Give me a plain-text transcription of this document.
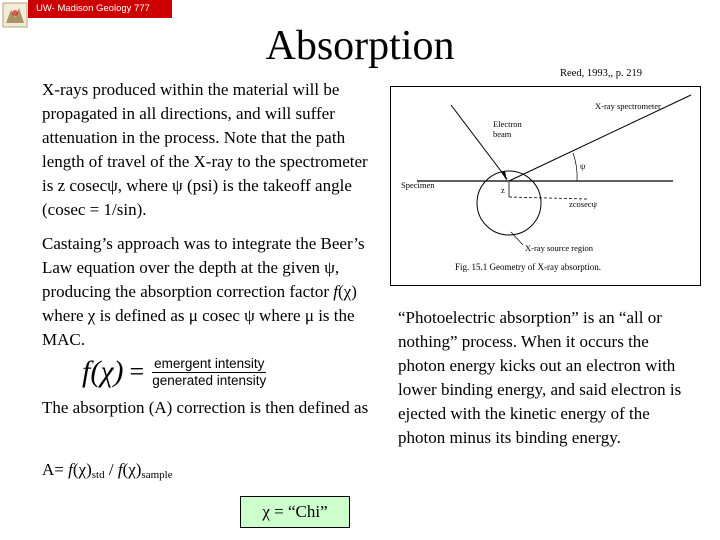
UW- Madison Geology 777
Absorption

X-rays produced within the material will be propagated in all directions, and will suffer attenuation in the process. Note that the path length of travel of the X-ray to the spectrometer is z cosecψ, where ψ (psi) is the takeoff angle (cosec = 1/sin).

Castaing’s approach was to integrate the Beer’s Law equation over the depth at the given ψ, producing the absorption correction factor f(χ) where χ is defined as μ cosec ψ where μ is the MAC.

$f(\chi) = \frac{\text{emergent intensity}}{\text{generated intensity}}$

The absorption (A) correction is then defined as

$A= f(\chi)_{std} / f(\chi)_{sample}$

χ = “Chi”
Reed, 1993,, p. 219
Electron
beam
X-ray spectrometer
ψ
Specimen	z
zcosecψ
X-ray source region
Fig. 15.1 Geometry of X-ray absorption.

“Photoelectric absorption” is an “all or nothing” process. When it occurs the photon energy kicks out an electron with lower binding energy, and said electron is ejected with the kinetic energy of the photon minus its binding energy.
